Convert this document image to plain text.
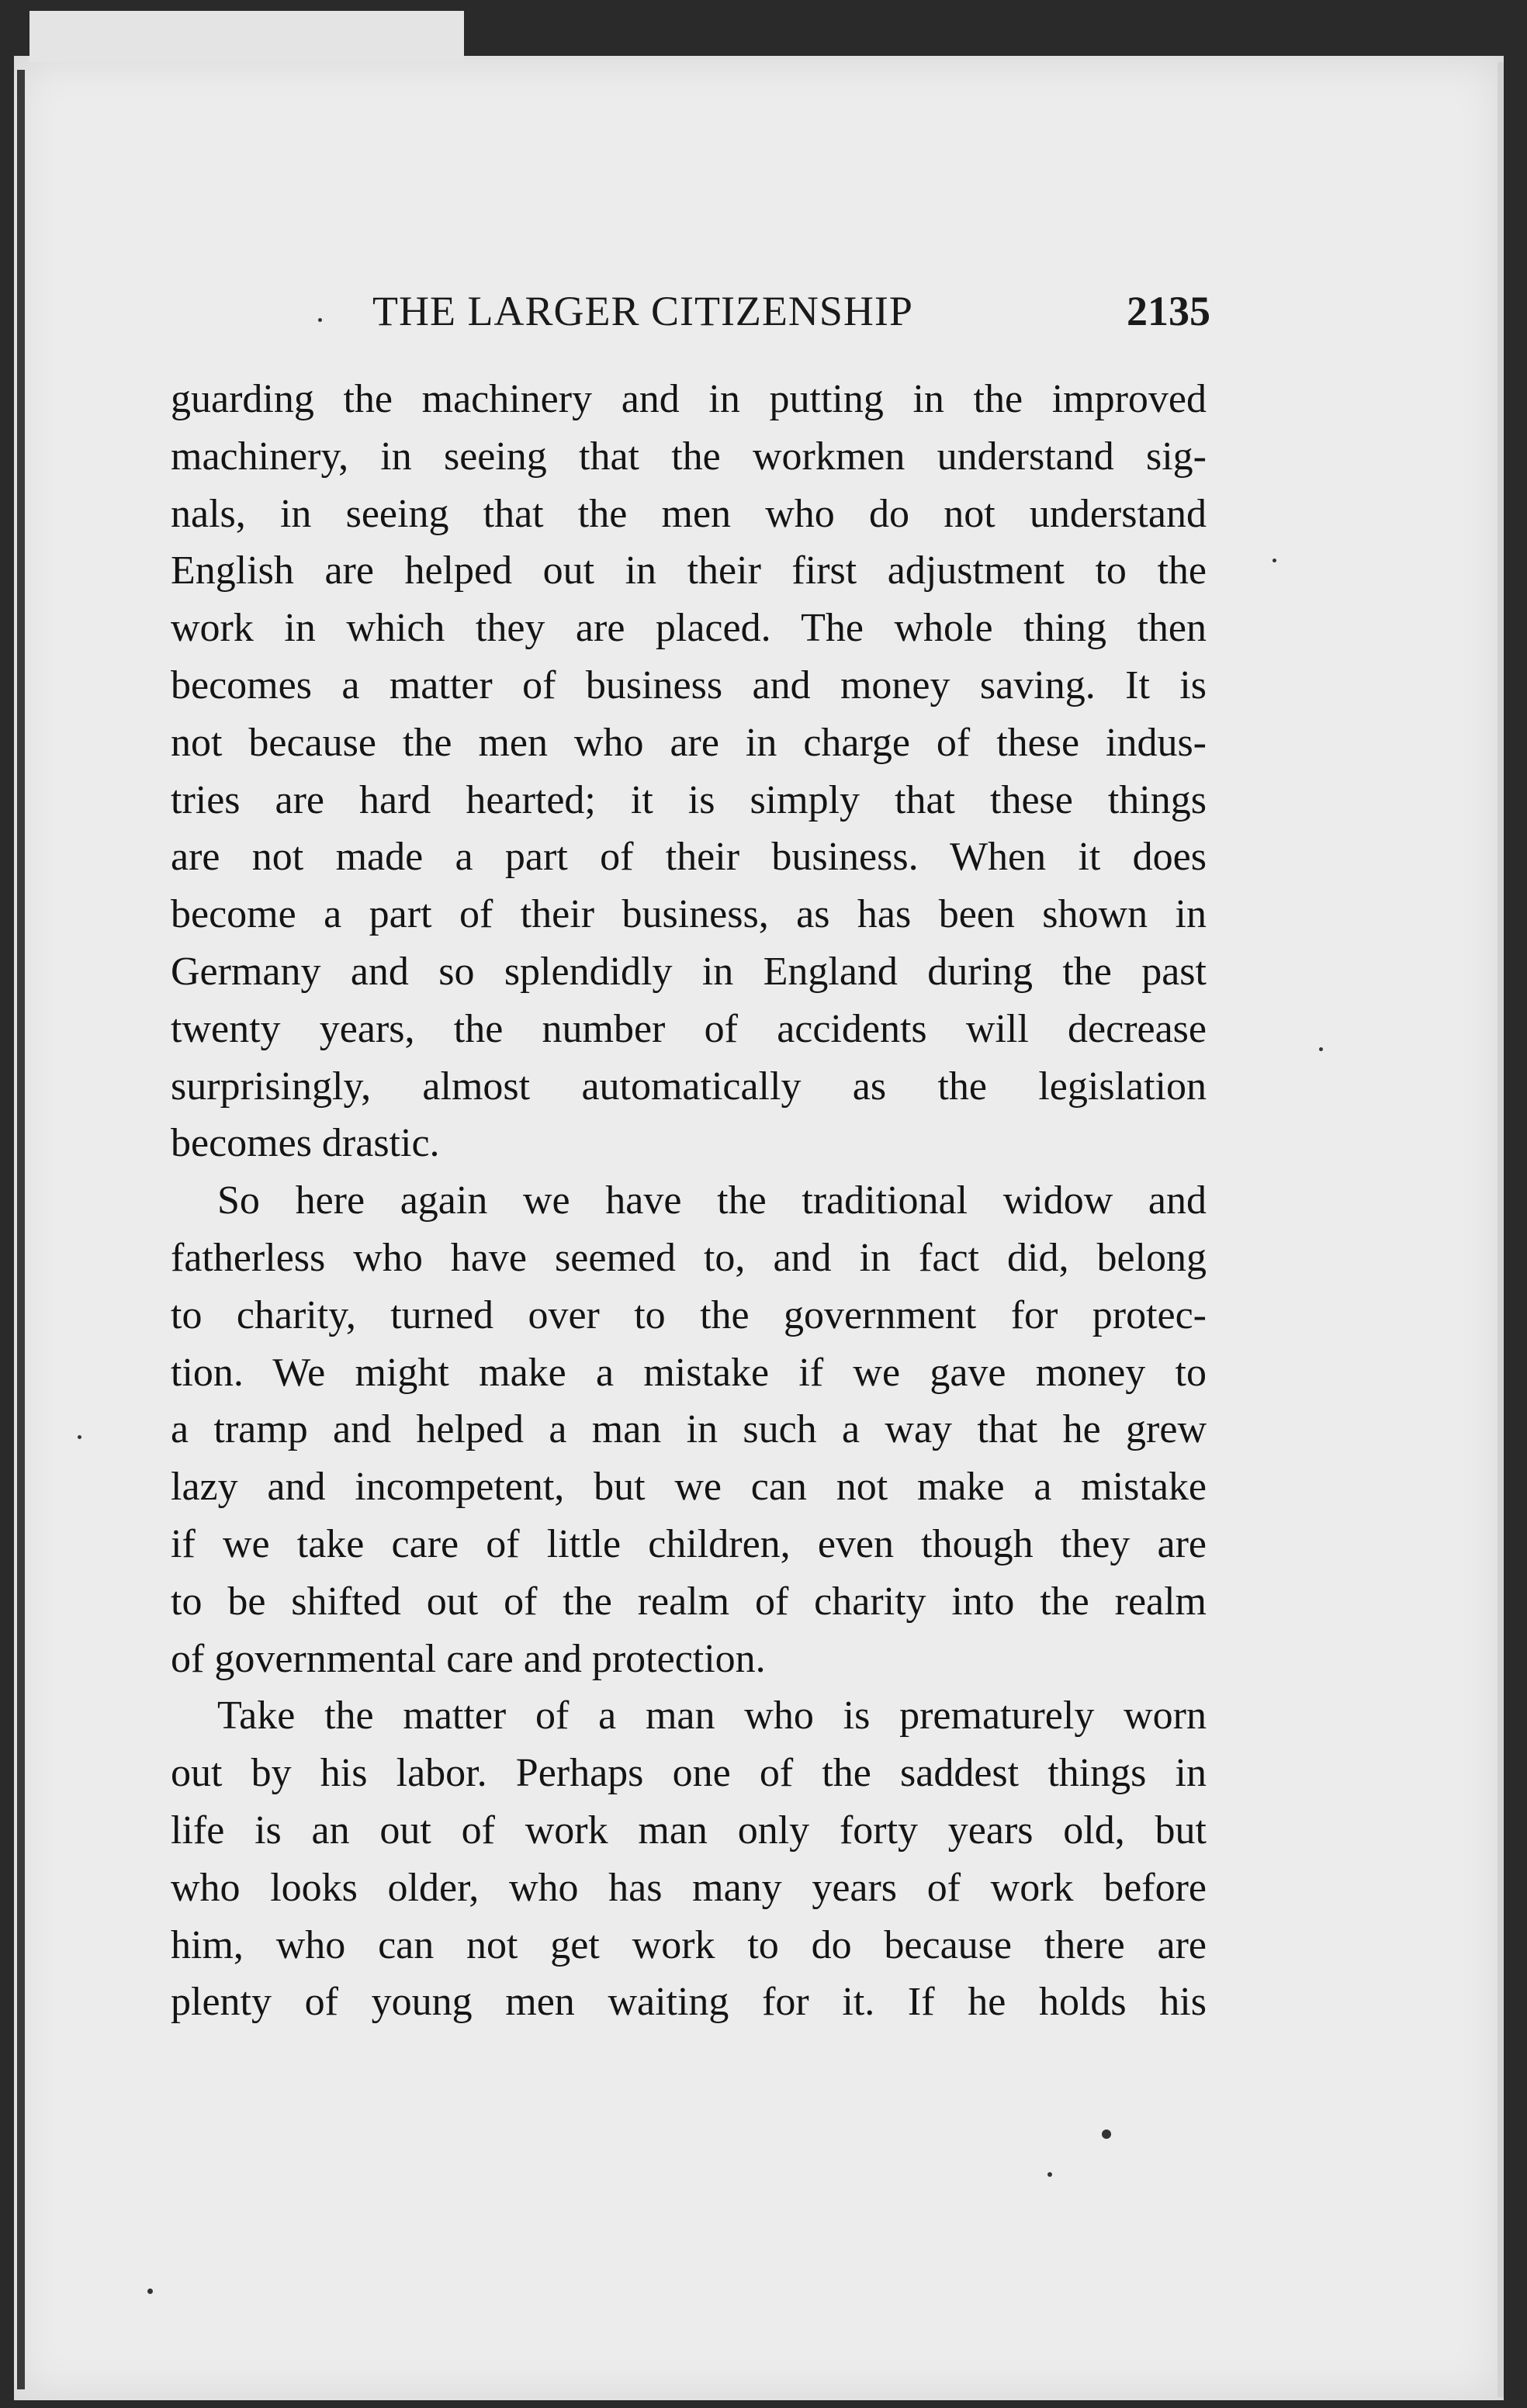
THE LARGER CITIZENSHIP	2135
guarding the machinery and in putting in the improved
machinery, in seeing that the workmen understand sig-
nals, in seeing that the men who do not understand
English are helped out in their first adjustment to the
work in which they are placed. The whole thing then
becomes a matter of business and money saving. It is
not because the men who are in charge of these indus-
tries are hard hearted; it is simply that these things
are not made a part of their business. When it does
become a part of their business, as has been shown in
Germany and so splendidly in England during the past
twenty years, the number of accidents will decrease
surprisingly, almost automatically as the legislation
becomes drastic.
So here again we have the traditional widow and
fatherless who have seemed to, and in fact did, belong
to charity, turned over to the government for protec-
tion. We might make a mistake if we gave money to
a tramp and helped a man in such a way that he grew
lazy and incompetent, but we can not make a mistake
if we take care of little children, even though they are
to be shifted out of the realm of charity into the realm
of governmental care and protection.
Take the matter of a man who is prematurely worn
out by his labor. Perhaps one of the saddest things in
life is an out of work man only forty years old, but
who looks older, who has many years of work before
him, who can not get work to do because there are
plenty of young men waiting for it. If he holds his
